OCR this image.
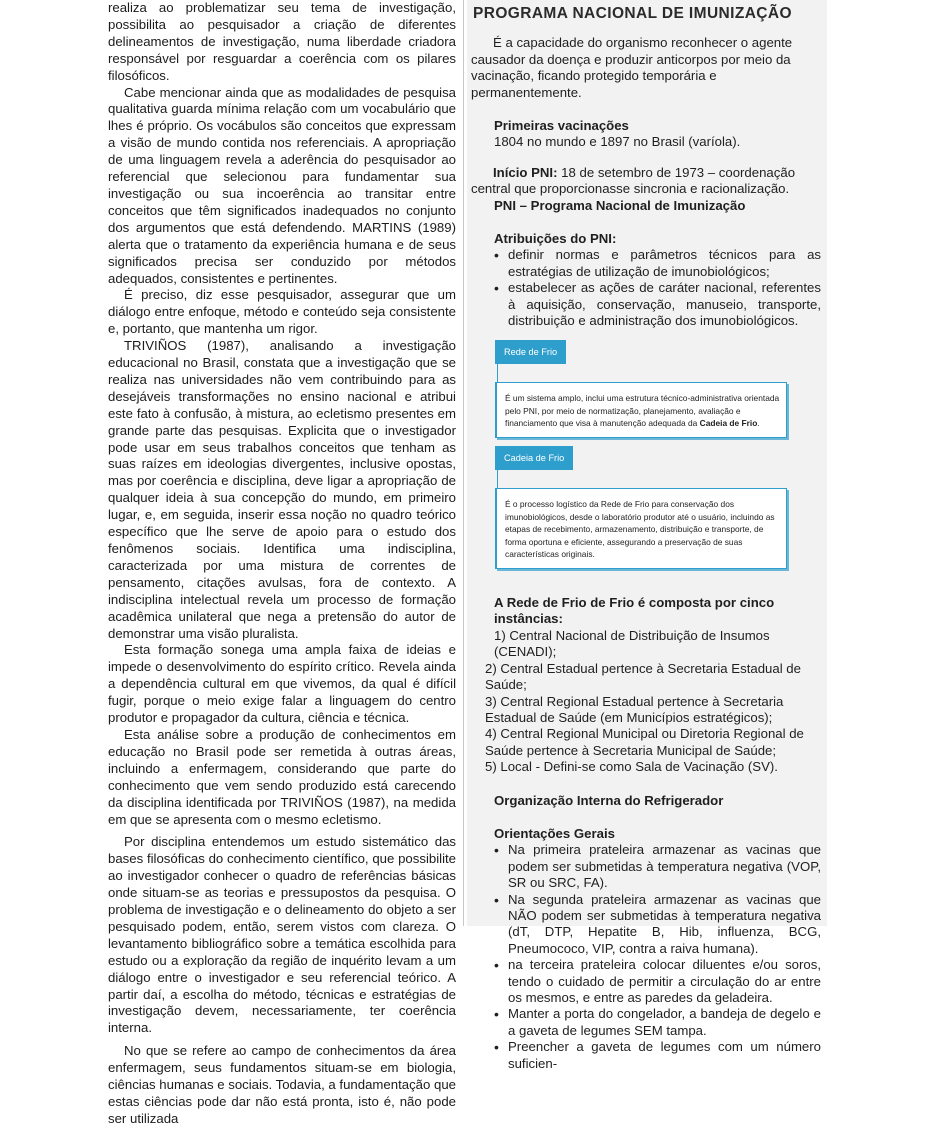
realiza ao problematizar seu tema de investigação, possibilita ao pesquisador a criação de diferentes delineamentos de investigação, numa liberdade criadora responsável por resguardar a coerência com os pilares filosóficos.

Cabe mencionar ainda que as modalidades de pesquisa qualitativa guarda mínima relação com um vocabulário que lhes é próprio. Os vocábulos são conceitos que expressam a visão de mundo contida nos referenciais. A apropriação de uma linguagem revela a aderência do pesquisador ao referencial que selecionou para fundamentar sua investigação ou sua incoerência ao transitar entre conceitos que têm significados inadequados no conjunto dos argumentos que está defendendo. MARTINS (1989) alerta que o tratamento da experiência humana e de seus significados precisa ser conduzido por métodos adequados, consistentes e pertinentes.

É preciso, diz esse pesquisador, assegurar que um diálogo entre enfoque, método e conteúdo seja consistente e, portanto, que mantenha um rigor.

TRIVIÑOS (1987), analisando a investigação educacional no Brasil, constata que a investigação que se realiza nas universidades não vem contribuindo para as desejáveis transformações no ensino nacional e atribui este fato à confusão, à mistura, ao ecletismo presentes em grande parte das pesquisas. Explicita que o investigador pode usar em seus trabalhos conceitos que tenham as suas raízes em ideologias divergentes, inclusive opostas, mas por coerência e disciplina, deve ligar a apropriação de qualquer ideia à sua concepção do mundo, em primeiro lugar, e, em seguida, inserir essa noção no quadro teórico específico que lhe serve de apoio para o estudo dos fenômenos sociais. Identifica uma indisciplina, caracterizada por uma mistura de correntes de pensamento, citações avulsas, fora de contexto. A indisciplina intelectual revela um processo de formação acadêmica unilateral que nega a pretensão do autor de demonstrar uma visão pluralista.

Esta formação sonega uma ampla faixa de ideias e impede o desenvolvimento do espírito crítico. Revela ainda a dependência cultural em que vivemos, da qual é difícil fugir, porque o meio exige falar a linguagem do centro produtor e propagador da cultura, ciência e técnica.

Esta análise sobre a produção de conhecimentos em educação no Brasil pode ser remetida à outras áreas, incluindo a enfermagem, considerando que parte do conhecimento que vem sendo produzido está carecendo da disciplina identificada por TRIVIÑOS (1987), na medida em que se apresenta com o mesmo ecletismo.

Por disciplina entendemos um estudo sistemático das bases filosóficas do conhecimento científico, que possibilite ao investigador conhecer o quadro de referências básicas onde situam-se as teorias e pressupostos da pesquisa. O problema de investigação e o delineamento do objeto a ser pesquisado podem, então, serem vistos com clareza. O levantamento bibliográfico sobre a temática escolhida para estudo ou a exploração da região de inquérito levam a um diálogo entre o investigador e seu referencial teórico. A partir daí, a escolha do método, técnicas e estratégias de investigação devem, necessariamente, ter coerência interna.

No que se refere ao campo de conhecimentos da área enfermagem, seus fundamentos situam-se em biologia, ciências humanas e sociais. Todavia, a fundamentação que estas ciências pode dar não está pronta, isto é, não pode ser utilizada

PROGRAMA NACIONAL DE IMUNIZAÇÃO

É a capacidade do organismo reconhecer o agente causador da doença e produzir anticorpos por meio da vacinação, ficando protegido temporária e permanentemente.

Primeiras vacinações
1804 no mundo e 1897 no Brasil (varíola).

Início PNI: 18 de setembro de 1973 – coordenação central que proporcionasse sincronia e racionalização.

PNI – Programa Nacional de Imunização
Atribuições do PNI:
• definir normas e parâmetros técnicos para as estratégias de utilização de imunobiológicos;
• estabelecer as ações de caráter nacional, referentes à aquisição, conservação, manuseio, transporte, distribuição e administração dos imunobiológicos.
Rede de Frio
É um sistema amplo, inclui uma estrutura técnico-administrativa orientada pelo PNI, por meio de normatização, planejamento, avaliação e financiamento que visa à manutenção adequada da Cadeia de Frio.
Cadeia de Frio
É o processo logístico da Rede de Frio para conservação dos imunobiológicos, desde o laboratório produtor até o usuário, incluindo as etapas de recebimento, armazenamento, distribuição e transporte, de forma oportuna e eficiente, assegurando a preservação de suas características originais.
A Rede de Frio de Frio é composta por cinco instâncias:

1) Central Nacional de Distribuição de Insumos (CENADI);

2) Central Estadual pertence à Secretaria Estadual de Saúde;

3) Central Regional Estadual pertence à Secretaria Estadual de Saúde (em Municípios estratégicos);

4) Central Regional Municipal ou Diretoria Regional de Saúde pertence à Secretaria Municipal de Saúde;

5) Local - Defini-se como Sala de Vacinação (SV).

Organização Interna do Refrigerador
Orientações Gerais
• Na primeira prateleira armazenar as vacinas que podem ser submetidas à temperatura negativa (VOP, SR ou SRC, FA).
• Na segunda prateleira armazenar as vacinas que NÃO podem ser submetidas à temperatura negativa (dT, DTP, Hepatite B, Hib, influenza, BCG, Pneumococo, VIP, contra a raiva humana).
• na terceira prateleira colocar diluentes e/ou soros, tendo o cuidado de permitir a circulação do ar entre os mesmos, e entre as paredes da geladeira.
• Manter a porta do congelador, a bandeja de degelo e a gaveta de legumes SEM tampa.
• Preencher a gaveta de legumes com um número suficien-
